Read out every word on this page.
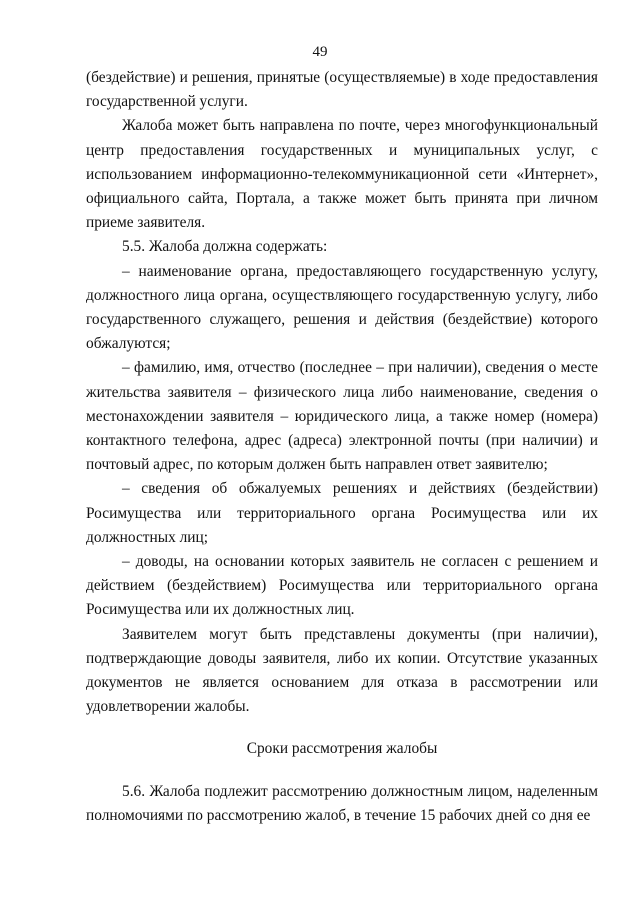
49

(бездействие) и решения, принятые (осуществляемые) в ходе предоставления государственной услуги.

Жалоба может быть направлена по почте, через многофункциональный центр предоставления государственных и муниципальных услуг, с использованием информационно-телекоммуникационной сети «Интернет», официального сайта, Портала, а также может быть принята при личном приеме заявителя.

5.5. Жалоба должна содержать:

– наименование органа, предоставляющего государственную услугу, должностного лица органа, осуществляющего государственную услугу, либо государственного служащего, решения и действия (бездействие) которого обжалуются;

– фамилию, имя, отчество (последнее – при наличии), сведения о месте жительства заявителя – физического лица либо наименование, сведения о местонахождении заявителя – юридического лица, а также номер (номера) контактного телефона, адрес (адреса) электронной почты (при наличии) и почтовый адрес, по которым должен быть направлен ответ заявителю;

– сведения об обжалуемых решениях и действиях (бездействии) Росимущества или территориального органа Росимущества или их должностных лиц;

– доводы, на основании которых заявитель не согласен с решением и действием (бездействием) Росимущества или территориального органа Росимущества или их должностных лиц.

Заявителем могут быть представлены документы (при наличии), подтверждающие доводы заявителя, либо их копии. Отсутствие указанных документов не является основанием для отказа в рассмотрении или удовлетворении жалобы.

Сроки рассмотрения жалобы

5.6. Жалоба подлежит рассмотрению должностным лицом, наделенным полномочиями по рассмотрению жалоб, в течение 15 рабочих дней со дня ее
